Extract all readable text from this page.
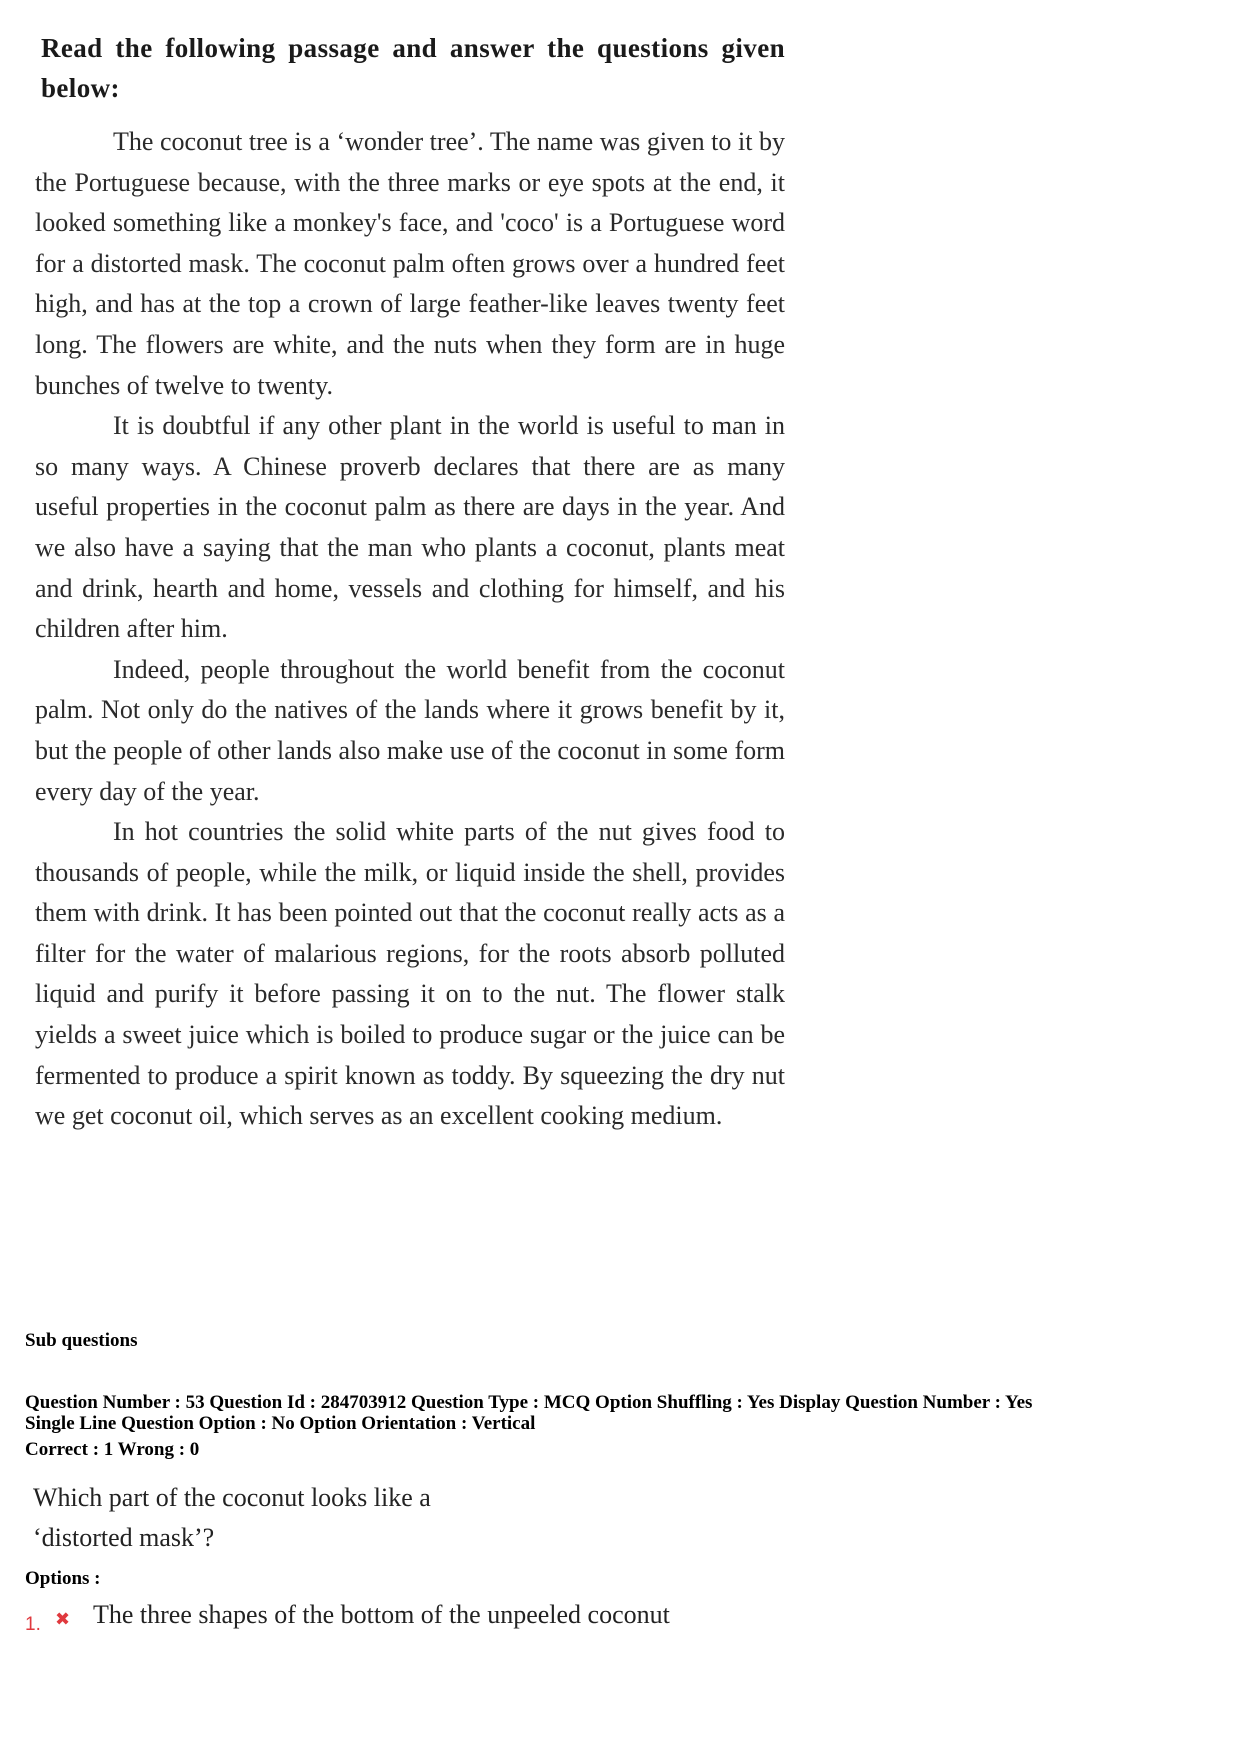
Read the following passage and answer the questions given below:

The coconut tree is a ‘wonder tree’. The name was given to it by the Portuguese because, with the three marks or eye spots at the end, it looked something like a monkey's face, and 'coco' is a Portuguese word for a distorted mask. The coconut palm often grows over a hundred feet high, and has at the top a crown of large feather-like leaves twenty feet long. The flowers are white, and the nuts when they form are in huge bunches of twelve to twenty.

It is doubtful if any other plant in the world is useful to man in so many ways. A Chinese proverb declares that there are as many useful properties in the coconut palm as there are days in the year. And we also have a saying that the man who plants a coconut, plants meat and drink, hearth and home, vessels and clothing for himself, and his children after him.

Indeed, people throughout the world benefit from the coconut palm. Not only do the natives of the lands where it grows benefit by it, but the people of other lands also make use of the coconut in some form every day of the year.

In hot countries the solid white parts of the nut gives food to thousands of people, while the milk, or liquid inside the shell, provides them with drink. It has been pointed out that the coconut really acts as a filter for the water of malarious regions, for the roots absorb polluted liquid and purify it before passing it on to the nut. The flower stalk yields a sweet juice which is boiled to produce sugar or the juice can be fermented to produce a spirit known as toddy. By squeezing the dry nut we get coconut oil, which serves as an excellent cooking medium.

Sub questions
Question Number : 53 Question Id : 284703912 Question Type : MCQ Option Shuffling : Yes Display Question Number : Yes
Single Line Question Option : No Option Orientation : Vertical
Correct : 1 Wrong : 0
Which part of the coconut looks like a ‘distorted mask’?
Options :
1. ✖ The three shapes of the bottom of the unpeeled coconut
